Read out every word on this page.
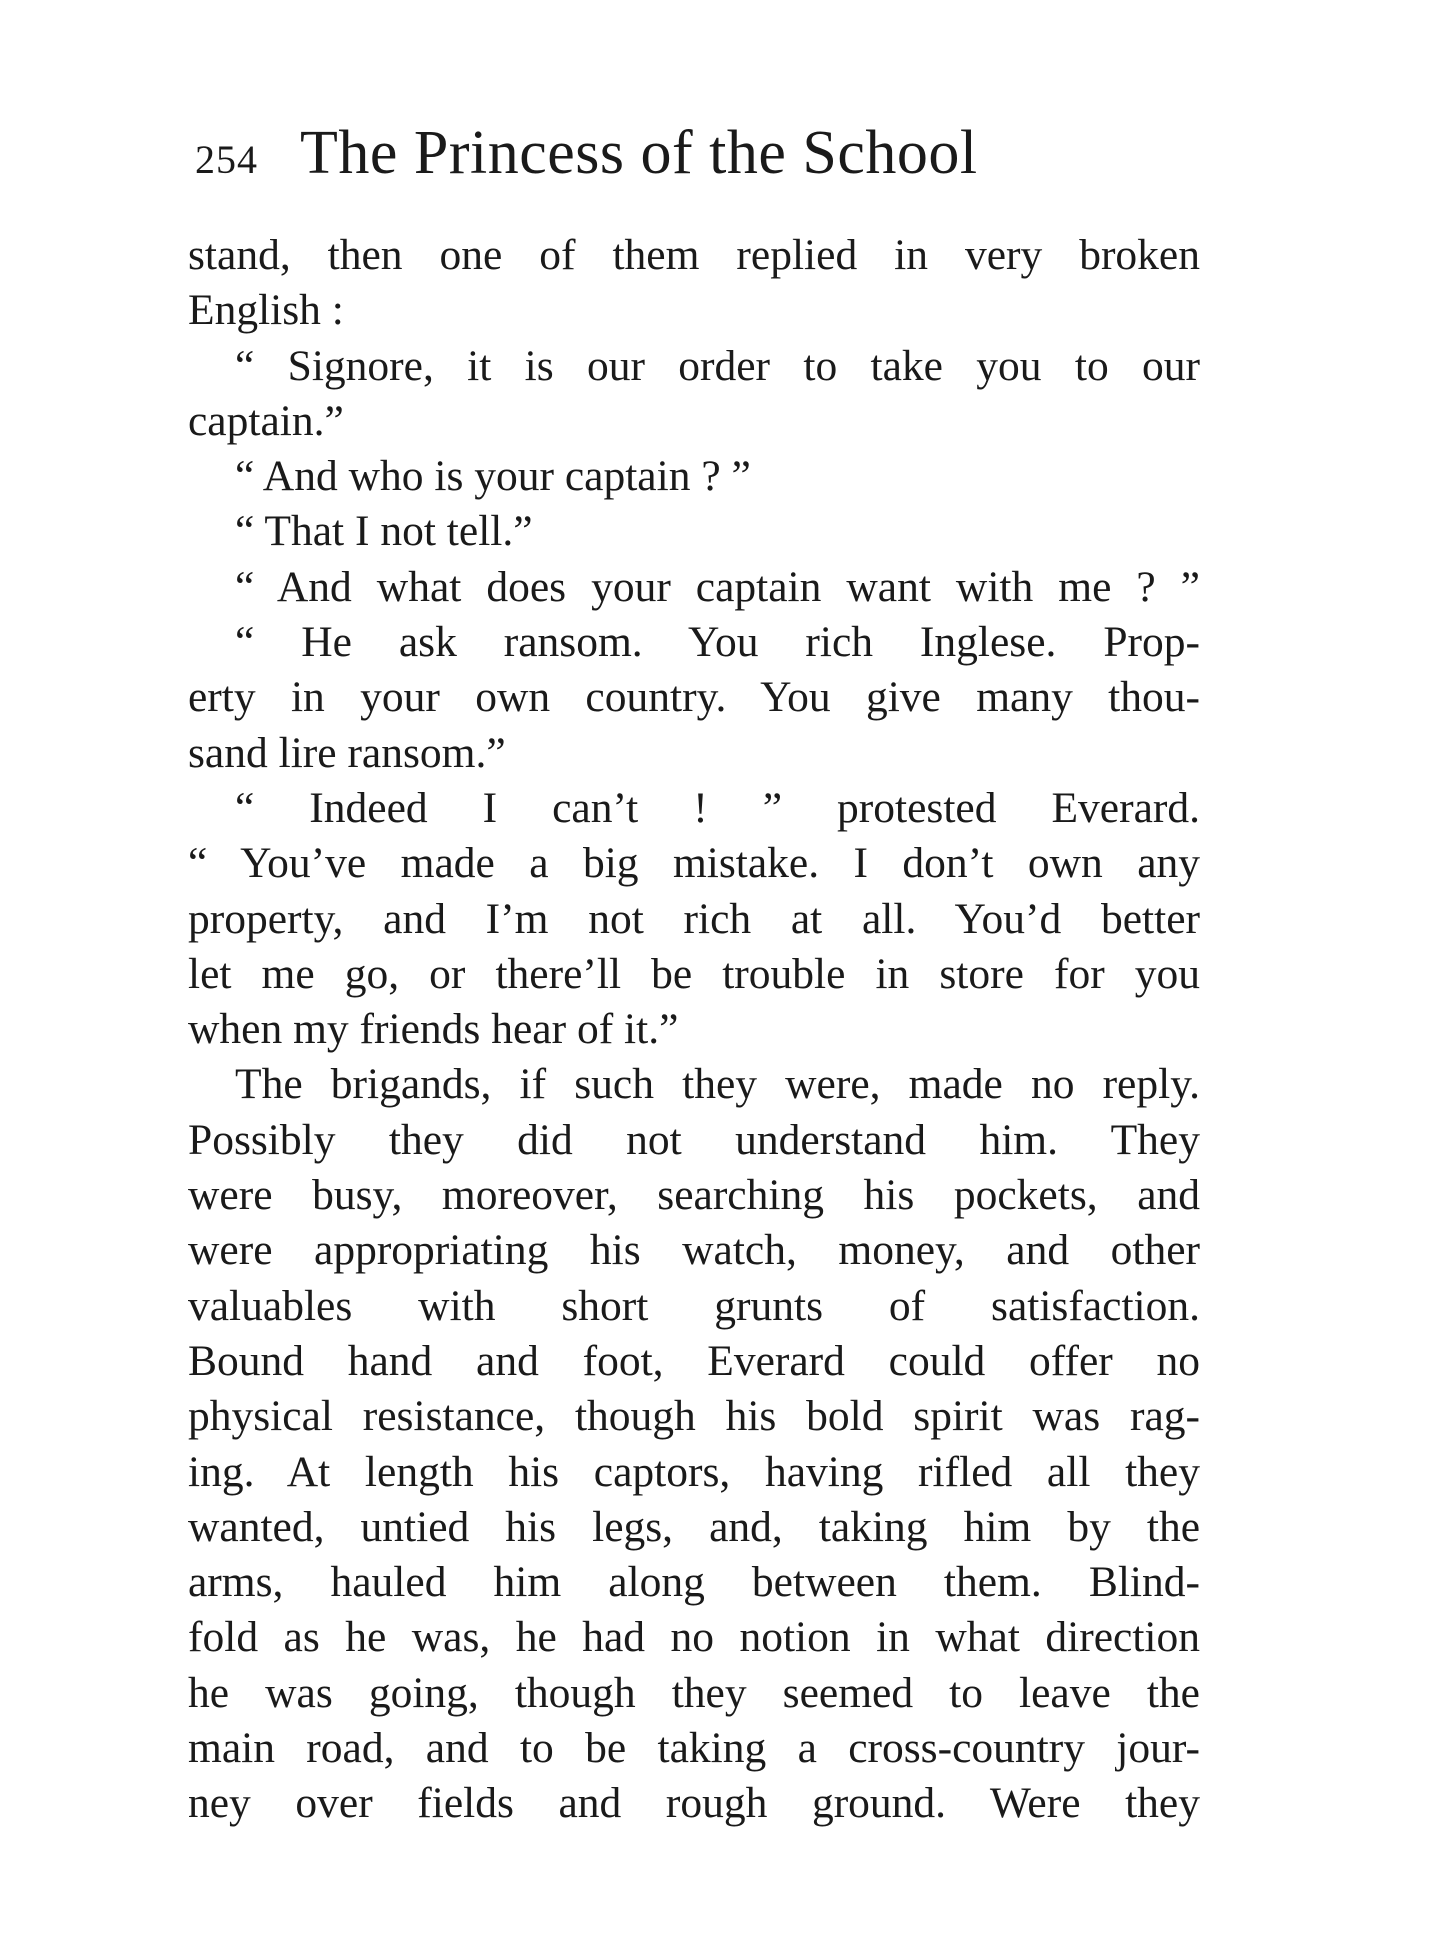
254 The Princess of the School
stand, then one of them replied in very broken
English :
“ Signore, it is our order to take you to our
captain.”
“ And who is your captain ? ”
“ That I not tell.”
“ And what does your captain want with me ? ”
“ He ask ransom. You rich Inglese. Prop-
erty in your own country. You give many thou-
sand lire ransom.”
“ Indeed I can’t ! ” protested Everard.
“ You’ve made a big mistake. I don’t own any
property, and I’m not rich at all. You’d better
let me go, or there’ll be trouble in store for you
when my friends hear of it.”
The brigands, if such they were, made no reply.
Possibly they did not understand him. They
were busy, moreover, searching his pockets, and
were appropriating his watch, money, and other
valuables with short grunts of satisfaction.
Bound hand and foot, Everard could offer no
physical resistance, though his bold spirit was rag-
ing. At length his captors, having rifled all they
wanted, untied his legs, and, taking him by the
arms, hauled him along between them. Blind-
fold as he was, he had no notion in what direction
he was going, though they seemed to leave the
main road, and to be taking a cross-country jour-
ney over fields and rough ground. Were they
